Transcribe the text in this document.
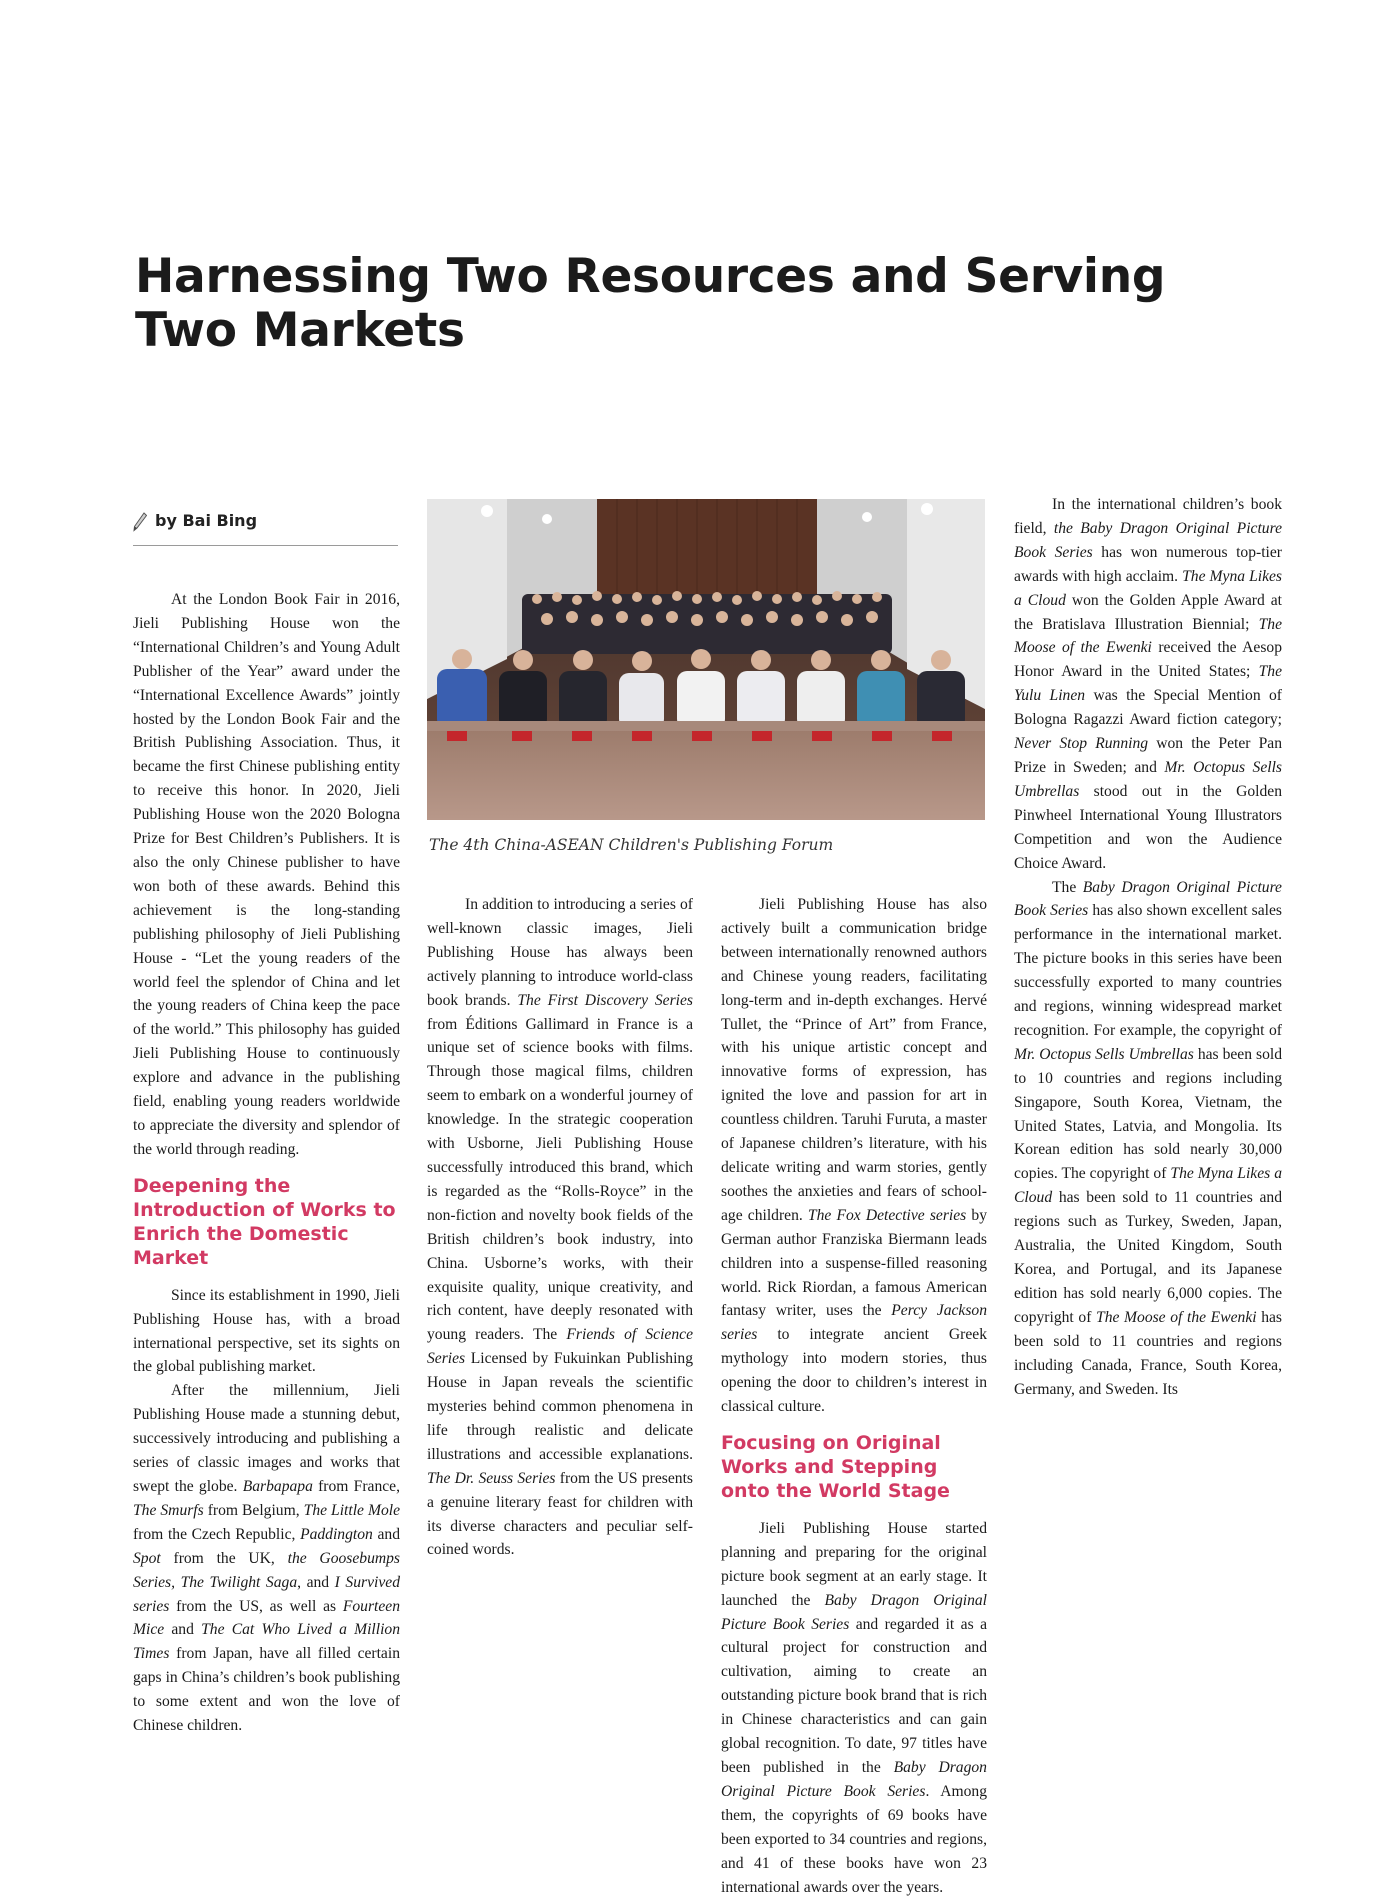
Harnessing Two Resources and Serving Two Markets
by Bai Bing
The 4th China-ASEAN Children's Publishing Forum

At the London Book Fair in 2016, Jieli Publishing House won the “International Children’s and Young Adult Publisher of the Year” award under the “International Excellence Awards” jointly hosted by the London Book Fair and the British Publishing Association. Thus, it became the first Chinese publishing entity to receive this honor. In 2020, Jieli Publishing House won the 2020 Bologna Prize for Best Children’s Publishers. It is also the only Chinese publisher to have won both of these awards. Behind this achievement is the long-standing publishing philosophy of Jieli Publishing House - “Let the young readers of the world feel the splendor of China and let the young readers of China keep the pace of the world.” This philosophy has guided Jieli Publishing House to continuously explore and advance in the publishing field, enabling young readers worldwide to appreciate the diversity and splendor of the world through reading.

Deepening the Introduction of Works to Enrich the Domestic Market

Since its establishment in 1990, Jieli Publishing House has, with a broad international perspective, set its sights on the global publishing market.

After the millennium, Jieli Publishing House made a stunning debut, successively introducing and publishing a series of classic images and works that swept the globe. Barbapapa from France, The Smurfs from Belgium, The Little Mole from the Czech Republic, Paddington and Spot from the UK, the Goosebumps Series, The Twilight Saga, and I Survived series from the US, as well as Fourteen Mice and The Cat Who Lived a Million Times from Japan, have all filled certain gaps in China’s children’s book publishing to some extent and won the love of Chinese children.

In addition to introducing a series of well-known classic images, Jieli Publishing House has always been actively planning to introduce world-class book brands. The First Discovery Series from Éditions Gallimard in France is a unique set of science books with films. Through those magical films, children seem to embark on a wonderful journey of knowledge. In the strategic cooperation with Usborne, Jieli Publishing House successfully introduced this brand, which is regarded as the “Rolls-Royce” in the non-fiction and novelty book fields of the British children’s book industry, into China. Usborne’s works, with their exquisite quality, unique creativity, and rich content, have deeply resonated with young readers. The Friends of Science Series Licensed by Fukuinkan Publishing House in Japan reveals the scientific mysteries behind common phenomena in life through realistic and delicate illustrations and accessible explanations. The Dr. Seuss Series from the US presents a genuine literary feast for children with its diverse characters and peculiar self-coined words.

Jieli Publishing House has also actively built a communication bridge between internationally renowned authors and Chinese young readers, facilitating long-term and in-depth exchanges. Hervé Tullet, the “Prince of Art” from France, with his unique artistic concept and innovative forms of expression, has ignited the love and passion for art in countless children. Taruhi Furuta, a master of Japanese children’s literature, with his delicate writing and warm stories, gently soothes the anxieties and fears of school-age children. The Fox Detective series by German author Franziska Biermann leads children into a suspense-filled reasoning world. Rick Riordan, a famous American fantasy writer, uses the Percy Jackson series to integrate ancient Greek mythology into modern stories, thus opening the door to children’s interest in classical culture.

Focusing on Original Works and Stepping onto the World Stage

Jieli Publishing House started planning and preparing for the original picture book segment at an early stage. It launched the Baby Dragon Original Picture Book Series and regarded it as a cultural project for construction and cultivation, aiming to create an outstanding picture book brand that is rich in Chinese characteristics and can gain global recognition. To date, 97 titles have been published in the Baby Dragon Original Picture Book Series. Among them, the copyrights of 69 books have been exported to 34 countries and regions, and 41 of these books have won 23 international awards over the years.

In the international children’s book field, the Baby Dragon Original Picture Book Series has won numerous top-tier awards with high acclaim. The Myna Likes a Cloud won the Golden Apple Award at the Bratislava Illustration Biennial; The Moose of the Ewenki received the Aesop Honor Award in the United States; The Yulu Linen was the Special Mention of Bologna Ragazzi Award fiction category; Never Stop Running won the Peter Pan Prize in Sweden; and Mr. Octopus Sells Umbrellas stood out in the Golden Pinwheel International Young Illustrators Competition and won the Audience Choice Award.

The Baby Dragon Original Picture Book Series has also shown excellent sales performance in the international market. The picture books in this series have been successfully exported to many countries and regions, winning widespread market recognition. For example, the copyright of Mr. Octopus Sells Umbrellas has been sold to 10 countries and regions including Singapore, South Korea, Vietnam, the United States, Latvia, and Mongolia. Its Korean edition has sold nearly 30,000 copies. The copyright of The Myna Likes a Cloud has been sold to 11 countries and regions such as Turkey, Sweden, Japan, Australia, the United Kingdom, South Korea, and Portugal, and its Japanese edition has sold nearly 6,000 copies. The copyright of The Moose of the Ewenki has been sold to 11 countries and regions including Canada, France, South Korea, Germany, and Sweden. Its
